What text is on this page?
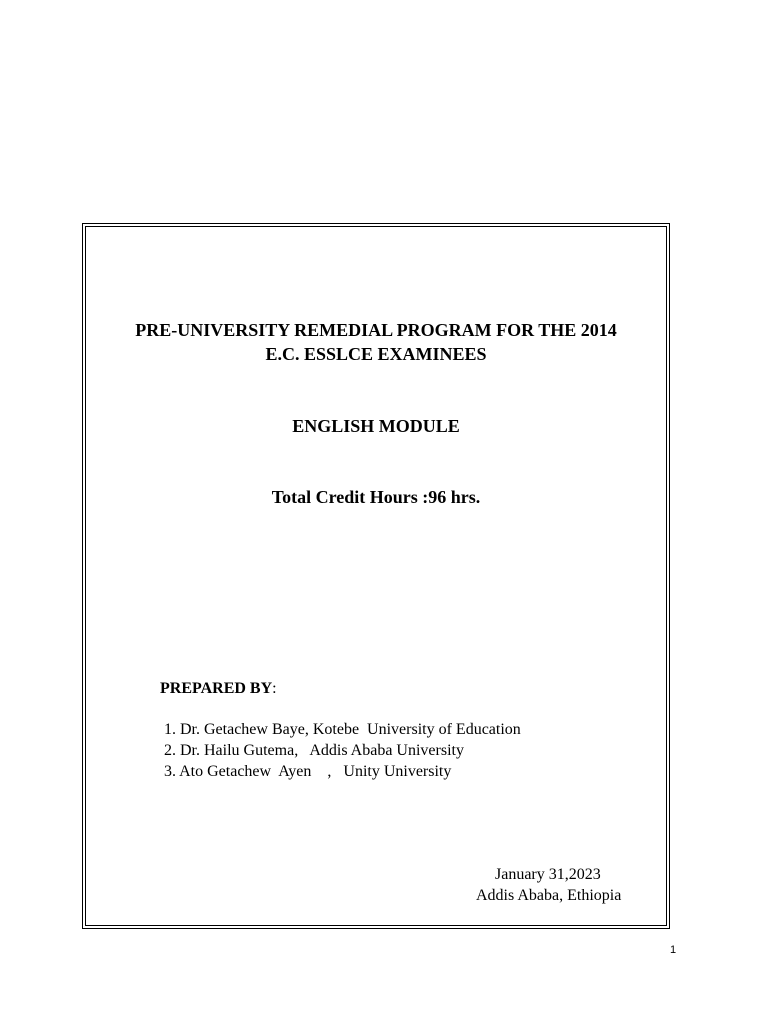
PRE-UNIVERSITY REMEDIAL PROGRAM FOR THE 2014
E.C. ESSLCE EXAMINEES
ENGLISH MODULE
Total Credit Hours :96 hrs.
PREPARED BY:
1. Dr. Getachew Baye, Kotebe  University of Education
2. Dr. Hailu Gutema,   Addis Ababa University
3. Ato Getachew  Ayen    ,   Unity University
January 31,2023
Addis Ababa, Ethiopia
1
